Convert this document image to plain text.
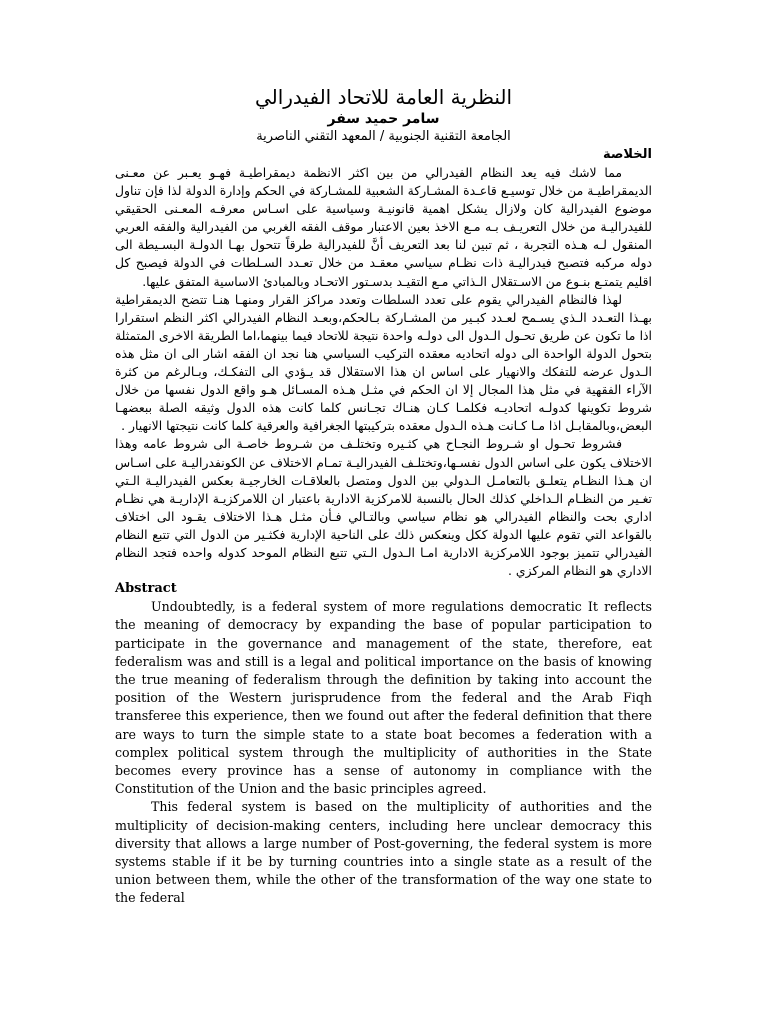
النظرية العامة للاتحاد الفيدرالي

سامر حميد سفر

الجامعة التقنية الجنوبية / المعهد التقني الناصرية

الخلاصة

مما لاشك فيه يعد النظام الفيدرالي من بين اكثر الانظمة ديمقراطيـة فهـو يعـبر عن معـنى الديمقراطيـة من خلال توسيـع قاعـدة المشـاركة الشعبية للمشـاركة في الحكم وإدارة الدولة لذا فإن تناول موضوع الفيدرالية كان ولازال يشكل اهمية قانونيـة وسياسية على اسـاس معرفـه المعـنى الحقيقي للفيدراليـة من خلال التعريـف بـه مـع الاخذ بعين الاعتبار موقف الفقه الغربي من الفيدرالية والفقه العربي المنقول لـه هـذه التجربة ، ثم تبين لنا بعد التعريف أنَّ للفيدرالية طرقاً تتحول بهـا الدولـة البسـيطة الى دوله مركبه فتصبح فيدراليـة ذات نظـام سياسي معقـد من خلال تعـدد السـلطات في الدولة فيصبح كل اقليم يتمتـع بنـوع من الاسـتقلال الـذاتي مـع التقيـد بدسـتور الاتحـاد وبالمبادئ الاساسية المتفق عليها.

لهذا فالنظام الفيدرالي يقوم على تعدد السلطات وتعدد مراكز القرار ومنهـا هنـا تتضح الديمقراطية بهـذا التعـدد الـذي يسـمح لعـدد كبـير من المشـاركة بـالحكم،وبعـد النظام الفيدرالي اكثر النظم استقرارا اذا ما تكون عن طريق تحـول الـدول الى دولـه واحدة نتيجة للاتحاد فيما بينهما،اما الطريقة الاخرى المتمثلة بتحول الدولة الواحدة الى دوله اتحاديه معقده التركيب السياسي هنا نجد ان الفقه اشار الى ان مثل هذه الـدول عرضه للتفكك والانهيار على اساس ان هذا الاستقلال قد يـؤدي الى التفكـك، وبـالرغم من كثرة الآراء الفقهية في مثل هذا المجال إلا ان الحكم في مثـل هـذه المسـائل هـو واقع الدول نفسها من خلال شروط تكوينها كدولـه اتحاديـه فكلمـا كـان هنـاك تجـانس كلما كانت هذه الدول وثيقه الصلة ببعضهـا البعض،وبالمقابـل اذا مـا كـانت هـذه الـدول معقده بتركيبتها الجغرافية والعرقية كلما كانت نتيجتها الانهيار .

فشروط تحـول او شـروط النجـاح هي كثـيره وتختلـف من شـروط خاصـة الى شروط عامه وهذا الاختلاف يكون على اساس الدول نفسـها،وتختلـف الفيدراليـة تمـام الاختلاف عن الكونفدراليـة على اسـاس ان هـذا النظـام يتعلـق بالتعامـل الـدولي بين الدول ومتصل بالعلاقـات الخارجيـة بعكس الفيدراليـة الـتي تغـير من النظـام الـداخلي كذلك الحال بالنسبة للامركزية الادارية باعتبار ان اللامركزيـة الإداريـة هي نظـام اداري بحت والنظام الفيدرالي هو نظام سياسي وبالتـالي فـأن مثـل هـذا الاختلاف يقـود الى اختلاف بالقواعد التي تقوم عليها الدولة ككل وينعكس ذلك على الناحية الإدارية فكثـير من الدول التي تتبع النظام الفيدرالي تتميز بوجود اللامركزية الادارية امـا الـدول الـتي تتبع النظام الموحد كدوله واحده فتجد النظام الاداري هو النظام المركزي .

Abstract

Undoubtedly, is a federal system of more regulations democratic It reflects the meaning of democracy by expanding the base of popular participation to participate in the governance and management of the state, therefore, eat federalism was and still is a legal and political importance on the basis of knowing the true meaning of federalism through the definition by taking into account the position of the Western jurisprudence from the federal and the Arab Fiqh transferee this experience, then we found out after the federal definition that there are ways to turn the simple state to a state boat becomes a federation with a complex political system through the multiplicity of authorities in the State becomes every province has a sense of autonomy in compliance with the Constitution of the Union and the basic principles agreed.

This federal system is based on the multiplicity of authorities and the multiplicity of decision-making centers, including here unclear democracy this diversity that allows a large number of Post-governing, the federal system is more systems stable if it be by turning countries into a single state as a result of the union between them, while the other of the transformation of the way one state to the federal
